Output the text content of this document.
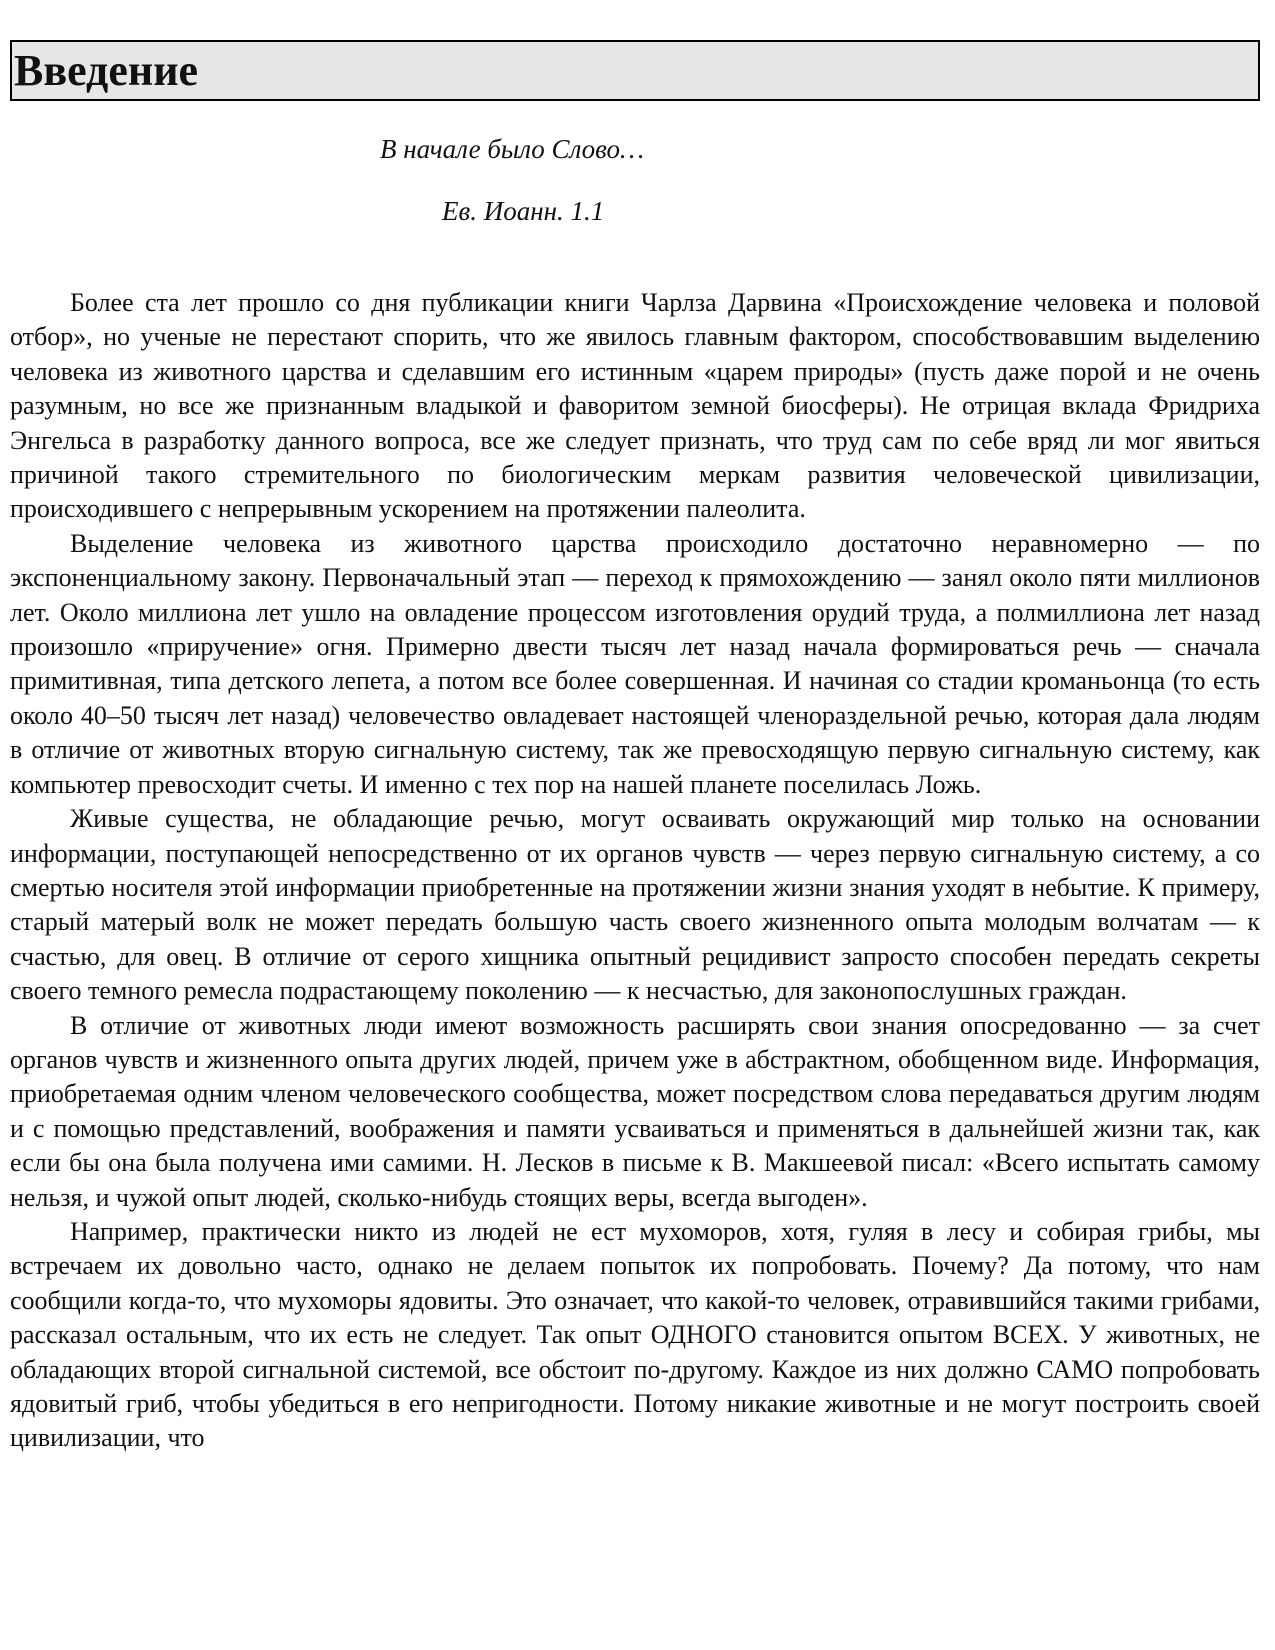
Введение
В начале было Слово…
Ев. Иоанн. 1.1

Более ста лет прошло со дня публикации книги Чарлза Дарвина «Происхождение человека и половой отбор», но ученые не перестают спорить, что же явилось главным фактором, способствовавшим выделению человека из животного царства и сделавшим его истинным «царем природы» (пусть даже порой и не очень разумным, но все же признанным владыкой и фаворитом земной биосферы). Не отрицая вклада Фридриха Энгельса в разработку данного вопроса, все же следует признать, что труд сам по себе вряд ли мог явиться причиной такого стремительного по биологическим меркам развития человеческой цивилизации, происходившего с непрерывным ускорением на протяжении палеолита.

Выделение человека из животного царства происходило достаточно неравномерно — по экспоненциальному закону. Первоначальный этап — переход к прямохождению — занял около пяти миллионов лет. Около миллиона лет ушло на овладение процессом изготовления орудий труда, а полмиллиона лет назад произошло «приручение» огня. Примерно двести тысяч лет назад начала формироваться речь — сначала примитивная, типа детского лепета, а потом все более совершенная. И начиная со стадии кроманьонца (то есть около 40–50 тысяч лет назад) человечество овладевает настоящей членораздельной речью, которая дала людям в отличие от животных вторую сигнальную систему, так же превосходящую первую сигнальную систему, как компьютер превосходит счеты. И именно с тех пор на нашей планете поселилась Ложь.

Живые существа, не обладающие речью, могут осваивать окружающий мир только на основании информации, поступающей непосредственно от их органов чувств — через первую сигнальную систему, а со смертью носителя этой информации приобретенные на протяжении жизни знания уходят в небытие. К примеру, старый матерый волк не может передать большую часть своего жизненного опыта молодым волчатам — к счастью, для овец. В отличие от серого хищника опытный рецидивист запросто способен передать секреты своего темного ремесла подрастающему поколению — к несчастью, для законопослушных граждан.

В отличие от животных люди имеют возможность расширять свои знания опосредованно — за счет органов чувств и жизненного опыта других людей, причем уже в абстрактном, обобщенном виде. Информация, приобретаемая одним членом человеческого сообщества, может посредством слова передаваться другим людям и с помощью представлений, воображения и памяти усваиваться и применяться в дальнейшей жизни так, как если бы она была получена ими самими. Н. Лесков в письме к В. Макшеевой писал: «Всего испытать самому нельзя, и чужой опыт людей, сколько-нибудь стоящих веры, всегда выгоден».

Например, практически никто из людей не ест мухоморов, хотя, гуляя в лесу и собирая грибы, мы встречаем их довольно часто, однако не делаем попыток их попробовать. Почему? Да потому, что нам сообщили когда-то, что мухоморы ядовиты. Это означает, что какой-то человек, отравившийся такими грибами, рассказал остальным, что их есть не следует. Так опыт ОДНОГО становится опытом ВСЕХ. У животных, не обладающих второй сигнальной системой, все обстоит по-другому. Каждое из них должно САМО попробовать ядовитый гриб, чтобы убедиться в его непригодности. Потому никакие животные и не могут построить своей цивилизации, что
